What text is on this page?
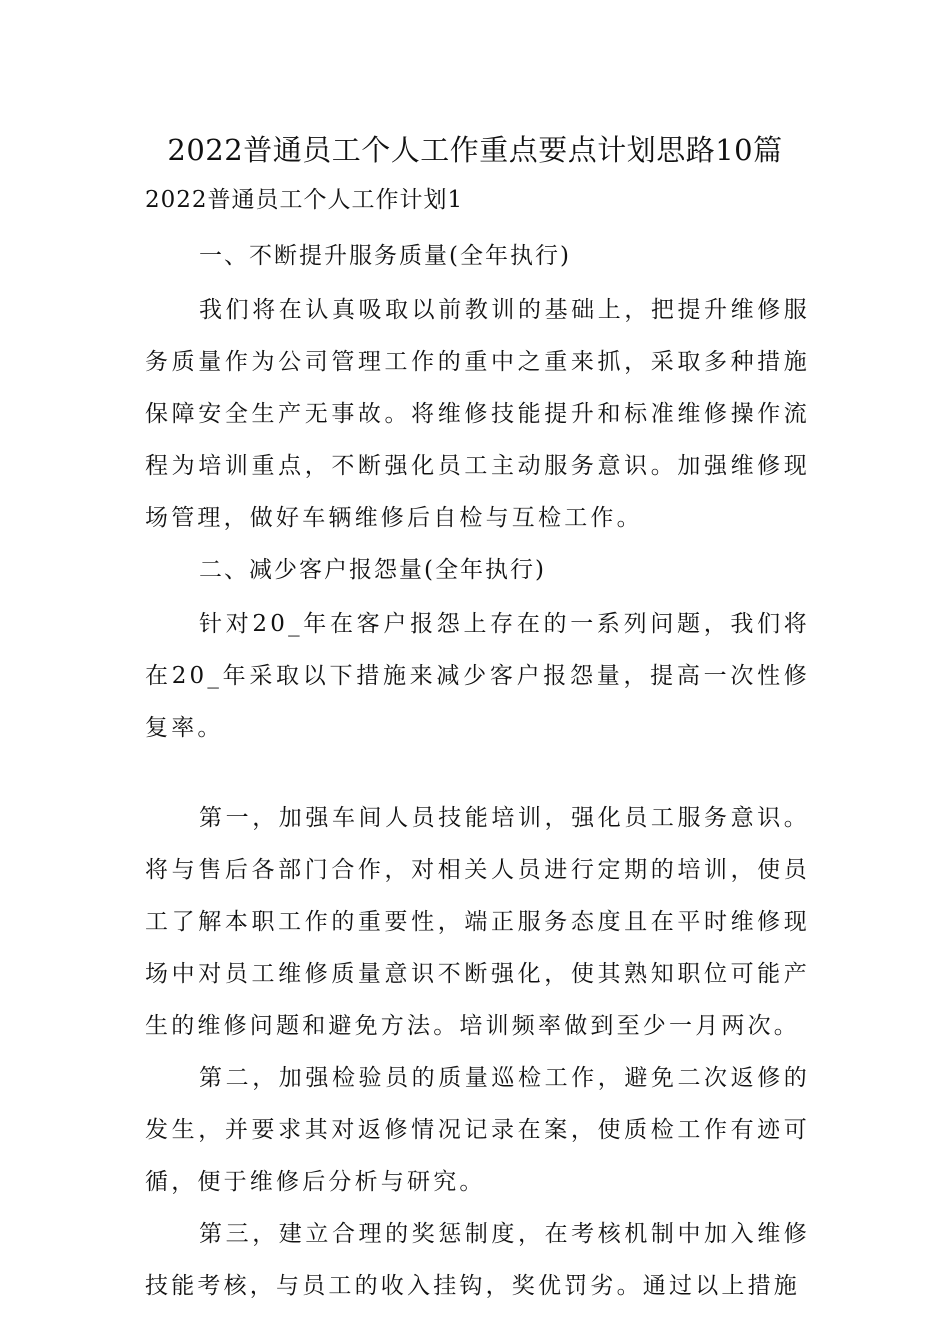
2022普通员工个人工作重点要点计划思路10篇

2022普通员工个人工作计划1

一、不断提升服务质量(全年执行)

我们将在认真吸取以前教训的基础上，把提升维修服务质量作为公司管理工作的重中之重来抓，采取多种措施保障安全生产无事故。将维修技能提升和标准维修操作流程为培训重点，不断强化员工主动服务意识。加强维修现场管理，做好车辆维修后自检与互检工作。

二、减少客户报怨量(全年执行)

针对20_年在客户报怨上存在的一系列问题，我们将在20_年采取以下措施来减少客户报怨量，提高一次性修复率。

第一，加强车间人员技能培训，强化员工服务意识。将与售后各部门合作，对相关人员进行定期的培训，使员工了解本职工作的重要性，端正服务态度且在平时维修现场中对员工维修质量意识不断强化，使其熟知职位可能产生的维修问题和避免方法。培训频率做到至少一月两次。

第二，加强检验员的质量巡检工作，避免二次返修的发生，并要求其对返修情况记录在案，使质检工作有迹可循，便于维修后分析与研究。

第三，建立合理的奖惩制度，在考核机制中加入维修技能考核，与员工的收入挂钩，奖优罚劣。通过以上措施
